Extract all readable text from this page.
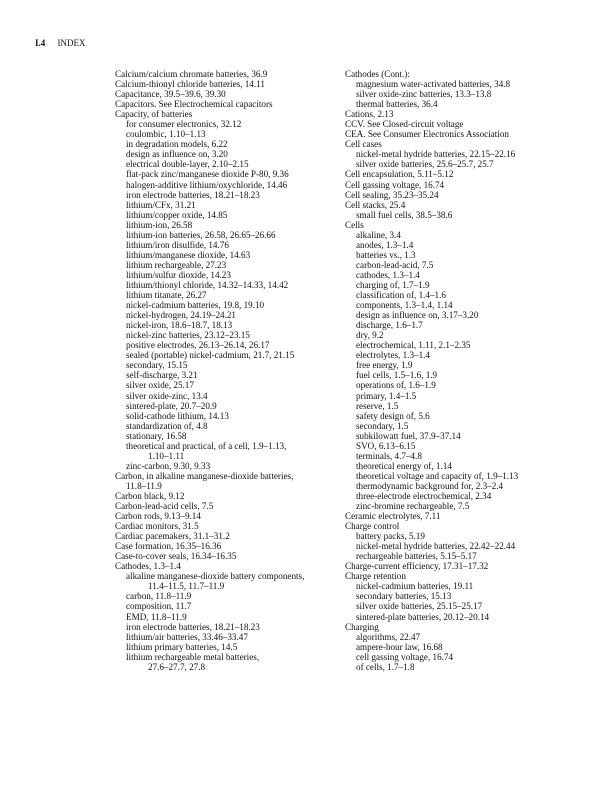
I.4 INDEX
Calcium/calcium chromate batteries, 36.9
Calcium-thionyl chloride batteries, 14.11
Capacitance, 39.5–39.6, 39.30
Capacitors. See Electrochemical capacitors
Capacity, of batteries
for consumer electronics, 32.12
coulombic, 1.10–1.13
in degradation models, 6.22
design as influence on, 3.20
electrical double-layer, 2.10–2.15
flat-pack zinc/manganese dioxide P-80, 9.36
halogen-additive lithium/oxychloride, 14.46
iron electrode batteries, 18.21–18.23
lithium/CFx, 31.21
lithium/copper oxide, 14.85
lithium-ion, 26.58
lithium-ion batteries, 26.58, 26.65–26.66
lithium/iron disulfide, 14.76
lithium/manganese dioxide, 14.63
lithium rechargeable, 27.23
lithium/sulfur dioxide, 14.23
lithium/thionyl chloride, 14.32–14.33, 14.42
lithium titanate, 26.27
nickel-cadmium batteries, 19.8, 19.10
nickel-hydrogen, 24.19–24.21
nickel-iron, 18.6–18.7, 18.13
nickel-zinc batteries, 23.12–23.15
positive electrodes, 26.13–26.14, 26.17
sealed (portable) nickel-cadmium, 21.7, 21.15
secondary, 15.15
self-discharge, 3.21
silver oxide, 25.17
silver oxide-zinc, 13.4
sintered-plate, 20.7–20.9
solid-cathode lithium, 14.13
standardization of, 4.8
stationary, 16.58
theoretical and practical, of a cell, 1.9–1.13,
1.10–1.11
zinc-carbon, 9.30, 9.33
Carbon, in alkaline manganese-dioxide batteries,
11.8–11.9
Carbon black, 9.12
Carbon-lead-acid cells, 7.5
Carbon rods, 9.13–9.14
Cardiac monitors, 31.5
Cardiac pacemakers, 31.1–31.2
Case formation, 16.35–16.36
Case-to-cover seals, 16.34–16.35
Cathodes, 1.3–1.4
alkaline manganese-dioxide battery components,
11.4–11.5, 11.7–11.9
carbon, 11.8–11.9
composition, 11.7
EMD, 11.8–11.9
iron electrode batteries, 18.21–18.23
lithium/air batteries, 33.46–33.47
lithium primary batteries, 14.5
lithium rechargeable metal batteries,
27.6–27.7, 27.8
Cathodes (Cont.):
magnesium water-activated batteries, 34.8
silver oxide-zinc batteries, 13.3–13.8
thermal batteries, 36.4
Cations, 2.13
CCV. See Closed-circuit voltage
CEA. See Consumer Electronics Association
Cell cases
nickel-metal hydride batteries, 22.15–22.16
silver oxide batteries, 25.6–25.7, 25.7
Cell encapsulation, 5.11–5.12
Cell gassing voltage, 16.74
Cell sealing, 35.23–35.24
Cell stacks, 25.4
small fuel cells, 38.5–38.6
Cells
alkaline, 3.4
anodes, 1.3–1.4
batteries vs., 1.3
carbon-lead-acid, 7.5
cathodes, 1.3–1.4
charging of, 1.7–1.9
classification of, 1.4–1.6
components, 1.3–1.4, 1.14
design as influence on, 3.17–3.20
discharge, 1.6–1.7
dry, 9.2
electrochemical, 1.11, 2.1–2.35
electrolytes, 1.3–1.4
free energy, 1.9
fuel cells, 1.5–1.6, 1.9
operations of, 1.6–1.9
primary, 1.4–1.5
reserve, 1.5
safety design of, 5.6
secondary, 1.5
subkilowatt fuel, 37.9–37.14
SVO, 6.13–6.15
terminals, 4.7–4.8
theoretical energy of, 1.14
theoretical voltage and capacity of, 1.9–1.13
thermodynamic background for, 2.3–2.4
three-electrode electrochemical, 2.34
zinc-bromine rechargeable, 7.5
Ceramic electrolytes, 7.11
Charge control
battery packs, 5.19
nickel-metal hydride batteries, 22.42–22.44
rechargeable batteries, 5.15–5.17
Charge-current efficiency, 17.31–17.32
Charge retention
nickel-cadmium batteries, 19.11
secondary batteries, 15.13
silver oxide batteries, 25.15–25.17
sintered-plate batteries, 20.12–20.14
Charging
algorithms, 22.47
ampere-hour law, 16.68
cell gassing voltage, 16.74
of cells, 1.7–1.8
